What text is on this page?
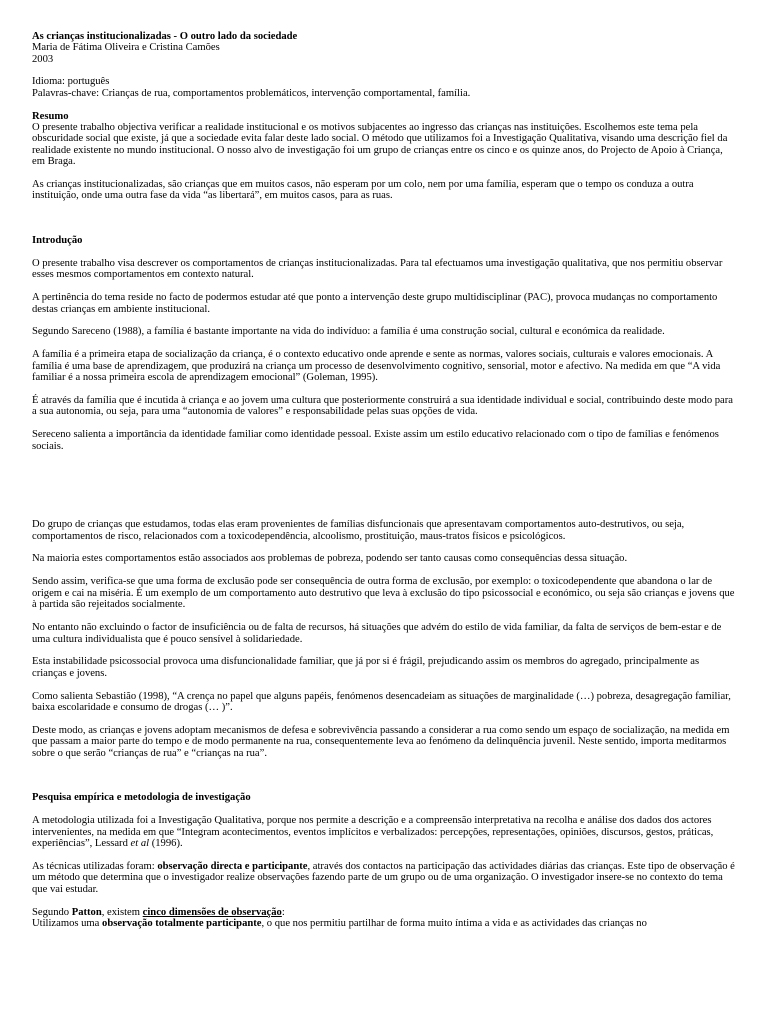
As crianças institucionalizadas - O outro lado da sociedade

Maria de Fátima Oliveira e Cristina Camões

2003

Idioma: português

Palavras-chave: Crianças de rua, comportamentos problemáticos, intervenção comportamental, família.

Resumo

O presente trabalho objectiva verificar a realidade institucional e os motivos subjacentes ao ingresso das crianças nas instituições. Escolhemos este tema pela obscuridade social que existe, já que a sociedade evita falar deste lado social. O método que utilizamos foi a Investigação Qualitativa, visando uma descrição fiel da realidade existente no mundo institucional. O nosso alvo de investigação foi um grupo de crianças entre os cinco e os quinze anos, do Projecto de Apoio à Criança, em Braga.

As crianças institucionalizadas, são crianças que em muitos casos, não esperam por um colo, nem por uma família, esperam que o tempo os conduza a outra instituição, onde uma outra fase da vida “as libertará”, em muitos casos, para as ruas.

Introdução

O presente trabalho visa descrever os comportamentos de crianças institucionalizadas. Para tal efectuamos uma investigação qualitativa, que nos permitiu observar esses mesmos comportamentos em contexto natural.

A pertinência do tema reside no facto de podermos estudar até que ponto a intervenção deste grupo multidisciplinar (PAC), provoca mudanças no comportamento destas crianças em ambiente institucional.

Segundo Sareceno (1988), a família é bastante importante na vida do indivíduo: a família é uma construção social, cultural e económica da realidade.

A família é a primeira etapa de socialização da criança, é o contexto educativo onde aprende e sente as normas, valores sociais, culturais e valores emocionais. A família é uma base de aprendizagem, que produzirá na criança um processo de desenvolvimento cognitivo, sensorial, motor e afectivo. Na medida em que “A vida familiar é a nossa primeira escola de aprendizagem emocional” (Goleman, 1995).

É através da família que é incutida à criança e ao jovem uma cultura que posteriormente construirá a sua identidade individual e social, contribuindo deste modo para a sua autonomia, ou seja, para uma “autonomia de valores” e responsabilidade pelas suas opções de vida.

Sereceno salienta a importância da identidade familiar como identidade pessoal. Existe assim um estilo educativo relacionado com o tipo de famílias e fenómenos sociais.

Do grupo de crianças que estudamos, todas elas eram provenientes de famílias disfuncionais que apresentavam comportamentos auto-destrutivos, ou seja, comportamentos de risco, relacionados com a toxicodependência, alcoolismo, prostituição, maus-tratos físicos e psicológicos.

Na maioria estes comportamentos estão associados aos problemas de pobreza, podendo ser tanto causas como consequências dessa situação.

Sendo assim, verifica-se que uma forma de exclusão pode ser consequência de outra forma de exclusão, por exemplo: o toxicodependente que abandona o lar de origem e cai na miséria. É um exemplo de um comportamento auto destrutivo que leva à exclusão do tipo psicossocial e económico, ou seja são crianças e jovens que à partida são rejeitados socialmente.

No entanto não excluindo o factor de insuficiência ou de falta de recursos, há situações que advém do estilo de vida familiar, da falta de serviços de bem-estar e de uma cultura individualista que é pouco sensível à solidariedade.

Esta instabilidade psicossocial provoca uma disfuncionalidade familiar, que já por si é frágil, prejudicando assim os membros do agregado, principalmente as crianças e jovens.

Como salienta Sebastião (1998), “A crença no papel que alguns papéis, fenómenos desencadeiam as situações de marginalidade (…) pobreza, desagregação familiar, baixa escolaridade e consumo de drogas (… )”.

Deste modo, as crianças e jovens adoptam mecanismos de defesa e sobrevivência passando a considerar a rua como sendo um espaço de socialização, na medida em que passam a maior parte do tempo e de modo permanente na rua, consequentemente leva ao fenómeno da delinquência juvenil. Neste sentido, importa meditarmos sobre o que serão “crianças de rua” e “crianças na rua”.

Pesquisa empírica e metodologia de investigação

A metodologia utilizada foi a Investigação Qualitativa, porque nos permite a descrição e a compreensão interpretativa na recolha e análise dos dados dos actores intervenientes, na medida em que “Integram acontecimentos, eventos implícitos e verbalizados: percepções, representações, opiniões, discursos, gestos, práticas, experiências”, Lessard et al (1996).

As técnicas utilizadas foram: observação directa e participante, através dos contactos na participação das actividades diárias das crianças. Este tipo de observação é um método que determina que o investigador realize observações fazendo parte de um grupo ou de uma organização. O investigador insere-se no contexto do tema que vai estudar.

Segundo Patton, existem cinco dimensões de observação:

Utilizamos uma observação totalmente participante, o que nos permitiu partilhar de forma muito íntima a vida e as actividades das crianças no
